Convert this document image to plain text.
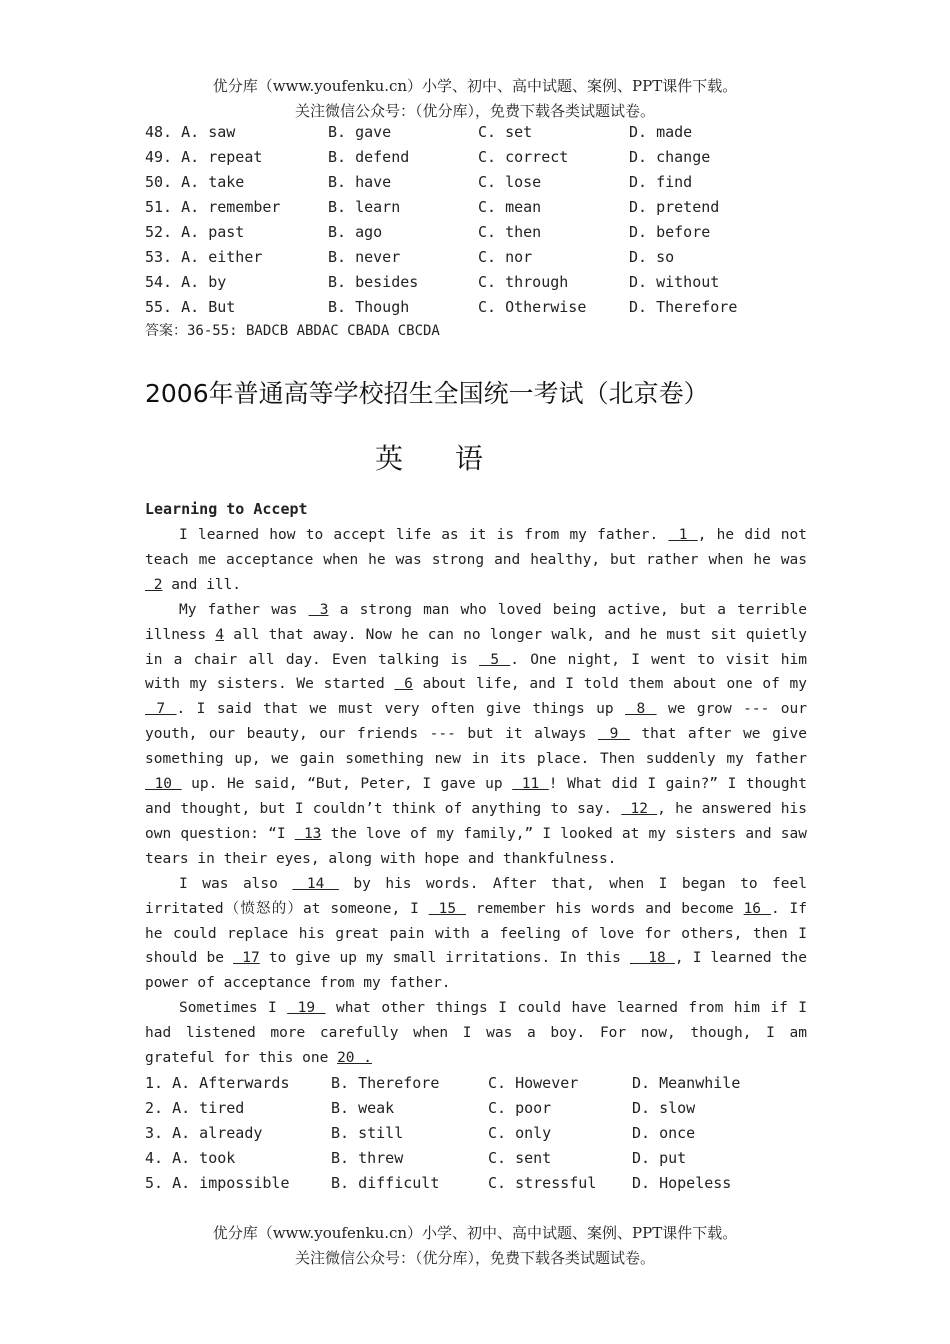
优分库（www.youfenku.cn）小学、初中、高中试题、案例、PPT课件下载。
关注微信公众号：（优分库），免费下载各类试题试卷。
48. A. saw	B. gave	C. set	D. made
49. A. repeat	B. defend	C. correct	D. change
50. A. take	B. have	C. lose	D. find
51. A. remember	B. learn	C. mean	D. pretend
52. A. past	B. ago	C. then	D. before
53. A. either	B. never	C. nor	D. so
54. A. by	B. besides	C. through	D. without
55. A. But	B. Though	C. Otherwise	D. Therefore
答案：36-55: BADCB ABDAC CBADA CBCDA
2006年普通高等学校招生全国统一考试（北京卷）
英语
Learning to Accept

I learned how to accept life as it is from my father.  1 , he did not teach me acceptance when he was strong and healthy, but rather when he was  2 and ill.

My father was  3 a strong man who loved being active, but a terrible illness 4 all that away. Now he can no longer walk, and he must sit quietly in a chair all day. Even talking is  5 . One night, I went to visit him with my sisters. We started  6 about life, and I told them about one of my  7 . I said that we must very often give things up  8  we grow --- our youth, our beauty, our friends --- but it always  9  that after we give something up, we gain something new in its place. Then suddenly my father  10  up. He said, “But, Peter, I gave up  11 ! What did I gain?” I thought and thought, but I couldn’t think of anything to say.  12 , he answered his own question: “I  13 the love of my family,” I looked at my sisters and saw tears in their eyes, along with hope and thankfulness.

I was also  14  by his words. After that, when I began to feel irritated（愤怒的）at someone, I  15  remember his words and become 16 . If he could replace his great pain with a feeling of love for others, then I should be  17 to give up my small irritations. In this   18 , I learned the power of acceptance from my father.

Sometimes I  19  what other things I could have learned from him if I had listened more carefully when I was a boy. For now, though, I am grateful for this one 20 .

1. A. Afterwards	B. Therefore	C. However	D. Meanwhile
2. A. tired	B. weak	C. poor	D. slow
3. A. already	B. still	C. only	D. once
4. A. took	B. threw	C. sent	D. put
5. A. impossible	B. difficult	C. stressful D. Hopeless
优分库（www.youfenku.cn）小学、初中、高中试题、案例、PPT课件下载。
关注微信公众号：（优分库），免费下载各类试题试卷。
